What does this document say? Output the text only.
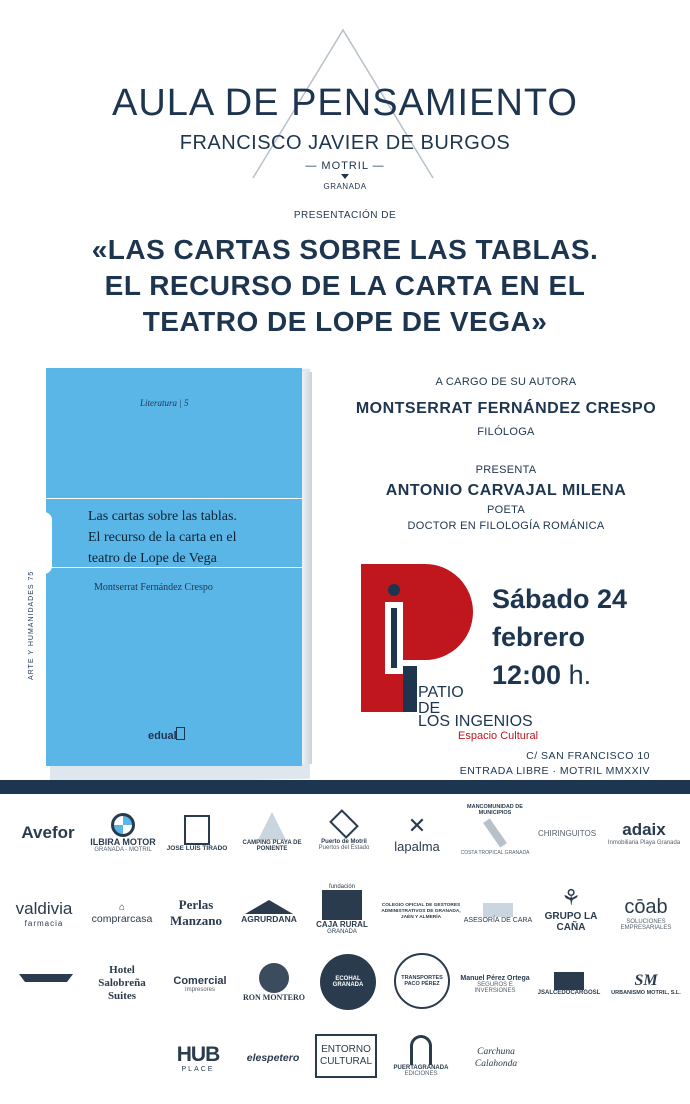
AULA DE PENSAMIENTO
FRANCISCO JAVIER DE BURGOS
— MOTRIL —
GRANADA
PRESENTACIÓN DE
«LAS CARTAS SOBRE LAS TABLAS.
EL RECURSO DE LA CARTA EN EL
TEATRO DE LOPE DE VEGA»
Literatura | 5
Las cartas sobre las tablas.
El recurso de la carta en el
teatro de Lope de Vega
Montserrat Fernández Crespo
ARTE Y HUMANIDADES 75
edual
A CARGO DE SU AUTORA
MONTSERRAT FERNÁNDEZ CRESPO
FILÓLOGA
PRESENTA
ANTONIO CARVAJAL MILENA
POETA
DOCTOR EN FILOLOGÍA ROMÁNICA
PATIO
DE
LOS INGENIOS
Espacio Cultural
Sábado 24
febrero
12:00 h.
C/ SAN FRANCISCO 10
ENTRADA LIBRE · MOTRIL MMXXIV
Avefor ILBIRA MOTOR
GRANADA - MOTRIL JOSE LUIS TIRADO
CAMPING PLAYA DE PONIENTE
Puerto de Motril
Puertos del Estado
✕
lapalma
MANCOMUNIDAD DE MUNICIPIOS
COSTA TROPICAL GRANADA
CHIRINGUITOS adaix
Inmobiliaria Playa Granada
valdivia
farmacia
⌂
comprarcasa
Perlas Manzano	AGRURDANA
fundación
CAJA RURAL
GRANADA
COLEGIO OFICIAL DE GESTORES ADMINISTRATIVOS DE GRANADA, JAÉN Y ALMERÍA	ASESORÍA DE CARA
⚘
GRUPO LA CAÑA
cōab
SOLUCIONES EMPRESARIALES
Hotel Salobreña Suites
Comercial
Impresores
RON MONTERO
ECOHAL GRANADA
TRANSPORTES PACO PÉREZ
Manuel Pérez Ortega
SEGUROS E INVERSIONES	JSALCEDOCARGOSL
SM
URBANISMO MOTRIL, S.L.
HUB
PLACE
elespetero
ENTORNO CULTURAL
PUERTAGRANADA
EDICIONES
Carchuna Calahonda
